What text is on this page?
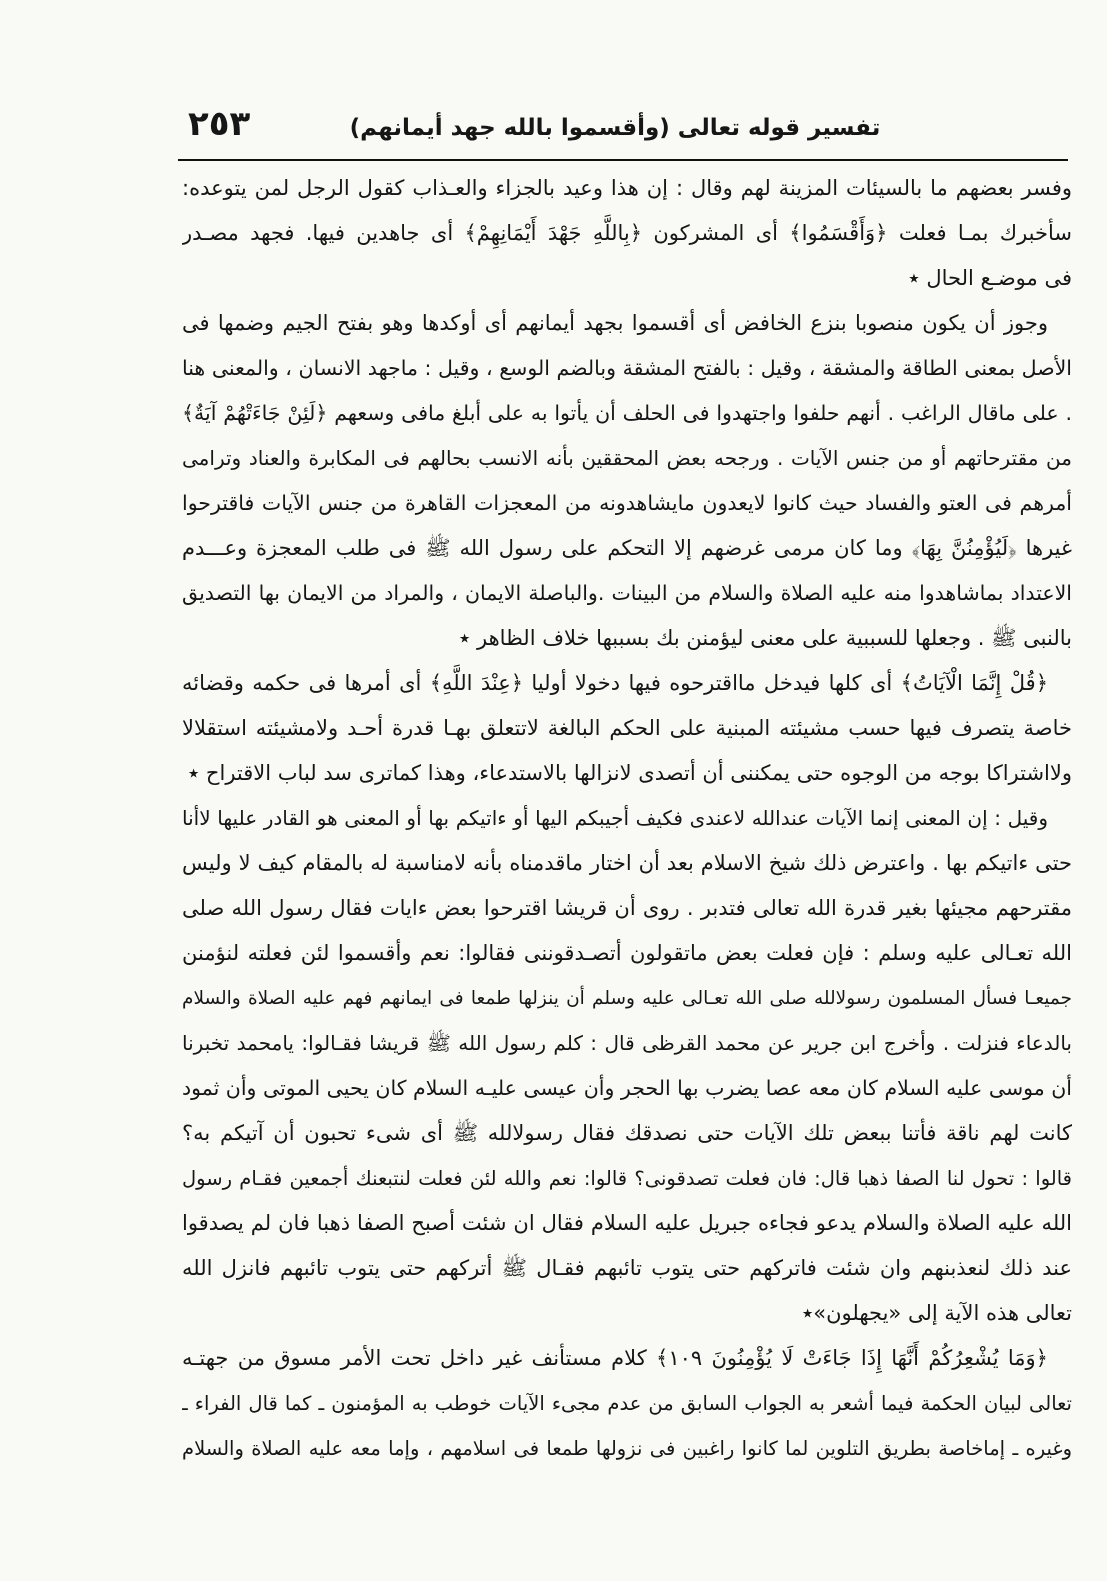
تفسير قوله تعالى (وأقسموا بالله جهد أيمانهم)
٢٥٣
وفسر بعضهم ما بالسيئات المزينة لهم وقال : إن هذا وعيد بالجزاء والعـذاب كقول الرجل لمن يتوعده:
سأخبرك بمـا فعلت ﴿وَأَقْسَمُوا﴾ أى المشركون ﴿بِاللَّهِ جَهْدَ أَيْمَانِهِمْ﴾ أى جاهدين فيها. فجهد مصـدر
فى موضـع الحال ٭
وجوز أن يكون منصوبا بنزع الخافض أى أقسموا بجهد أيمانهم أى أوكدها وهو بفتح الجيم وضمها فى
الأصل بمعنى الطاقة والمشقة ، وقيل : بالفتح المشقة وبالضم الوسع ، وقيل : ماجهد الانسان ، والمعنى هنا
. على ماقال الراغب . أنهم حلفوا واجتهدوا فى الحلف أن يأتوا به على أبلغ مافى وسعهم ﴿لَئِنْ جَاءَتْهُمْ آيَةٌ﴾
من مقترحاتهم أو من جنس الآيات . ورجحه بعض المحققين بأنه الانسب بحالهم فى المكابرة والعناد وترامى
أمرهم فى العتو والفساد حيث كانوا لايعدون مايشاهدونه من المعجزات القاهرة من جنس الآيات فاقترحوا
غيرها ﴿لَيُؤْمِنُنَّ بِهَا﴾ وما كان مرمى غرضهم إلا التحكم على رسول الله ﷺ فى طلب المعجزة وعـــدم
الاعتداد بماشاهدوا منه عليه الصلاة والسلام من البينات .والباصلة الايمان ، والمراد من الايمان بها التصديق
بالنبى ﷺ . وجعلها للسببية على معنى ليؤمنن بك بسببها خلاف الظاهر ٭
﴿قُلْ إِنَّمَا الْآيَاتُ﴾ أى كلها فيدخل مااقترحوه فيها دخولا أوليا ﴿عِنْدَ اللَّهِ﴾ أى أمرها فى حكمه وقضائه
خاصة يتصرف فيها حسب مشيئته المبنية على الحكم البالغة لاتتعلق بهـا قدرة أحـد ولامشيئته استقلالا
ولااشتراكا بوجه من الوجوه حتى يمكننى أن أتصدى لانزالها بالاستدعاء، وهذا كماترى سد لباب الاقتراح ٭
وقيل : إن المعنى إنما الآيات عندالله لاعندى فكيف أجيبكم اليها أو ءاتيكم بها أو المعنى هو القادر عليها لاأنا
حتى ءاتيكم بها . واعترض ذلك شيخ الاسلام بعد أن اختار ماقدمناه بأنه لامناسبة له بالمقام كيف لا وليس
مقترحهم مجيئها بغير قدرة الله تعالى فتدبر . روى أن قريشا اقترحوا بعض ءايات فقال رسول الله صلى
الله تعـالى عليه وسلم : فإن فعلت بعض ماتقولون أتصـدقوننى فقالوا: نعم وأقسموا لئن فعلته لنؤمنن
جميعـا فسأل المسلمون رسولالله صلى الله تعـالى عليه وسلم أن ينزلها طمعا فى ايمانهم فهم عليه الصلاة والسلام
بالدعاء فنزلت . وأخرج ابن جرير عن محمد القرظى قال : كلم رسول الله ﷺ قريشا فقـالوا: يامحمد تخبرنا
أن موسى عليه السلام كان معه عصا يضرب بها الحجر وأن عيسى عليـه السلام كان يحيى الموتى وأن ثمود
كانت لهم ناقة فأتنا ببعض تلك الآيات حتى نصدقك فقال رسولالله ﷺ أى شىء تحبون أن آتيكم به؟
قالوا : تحول لنا الصفا ذهبا قال: فان فعلت تصدقونى؟ قالوا: نعم والله لئن فعلت لنتبعنك أجمعين فقـام رسول
الله عليه الصلاة والسلام يدعو فجاءه جبريل عليه السلام فقال ان شئت أصبح الصفا ذهبا فان لم يصدقوا
عند ذلك لنعذبنهم وان شئت فاتركهم حتى يتوب تائبهم فقـال ﷺ أتركهم حتى يتوب تائبهم فانزل الله
تعالى هذه الآية إلى «يجهلون»٭
﴿وَمَا يُشْعِرُكُمْ أَنَّهَا إِذَا جَاءَتْ لَا يُؤْمِنُونَ ١٠٩﴾ كلام مستأنف غير داخل تحت الأمر مسوق من جهتـه
تعالى لبيان الحكمة فيما أشعر به الجواب السابق من عدم مجىء الآيات خوطب به المؤمنون ـ كما قال الفراء ـ
وغيره ـ إماخاصة بطريق التلوين لما كانوا راغبين فى نزولها طمعا فى اسلامهم ، وإما معه عليه الصلاة والسلام
